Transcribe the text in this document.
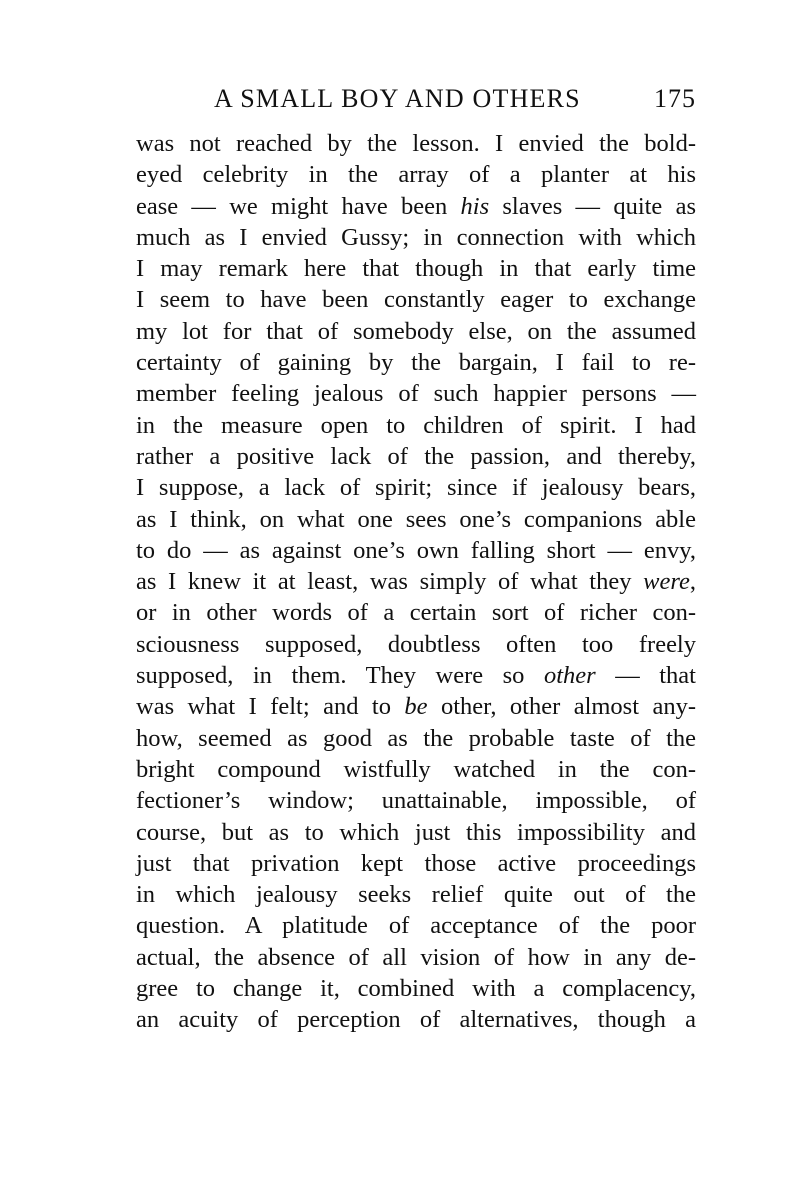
A SMALL BOY AND OTHERS	175
was not reached by the lesson. I envied the bold-
eyed celebrity in the array of a planter at his
ease — we might have been his slaves — quite as
much as I envied Gussy; in connection with which
I may remark here that though in that early time
I seem to have been constantly eager to exchange
my lot for that of somebody else, on the assumed
certainty of gaining by the bargain, I fail to re-
member feeling jealous of such happier persons —
in the measure open to children of spirit. I had
rather a positive lack of the passion, and thereby,
I suppose, a lack of spirit; since if jealousy bears,
as I think, on what one sees one’s companions able
to do — as against one’s own falling short — envy,
as I knew it at least, was simply of what they were,
or in other words of a certain sort of richer con-
sciousness supposed, doubtless often too freely
supposed, in them. They were so other — that
was what I felt; and to be other, other almost any-
how, seemed as good as the probable taste of the
bright compound wistfully watched in the con-
fectioner’s window; unattainable, impossible, of
course, but as to which just this impossibility and
just that privation kept those active proceedings
in which jealousy seeks relief quite out of the
question. A platitude of acceptance of the poor
actual, the absence of all vision of how in any de-
gree to change it, combined with a complacency,
an acuity of perception of alternatives, though a
